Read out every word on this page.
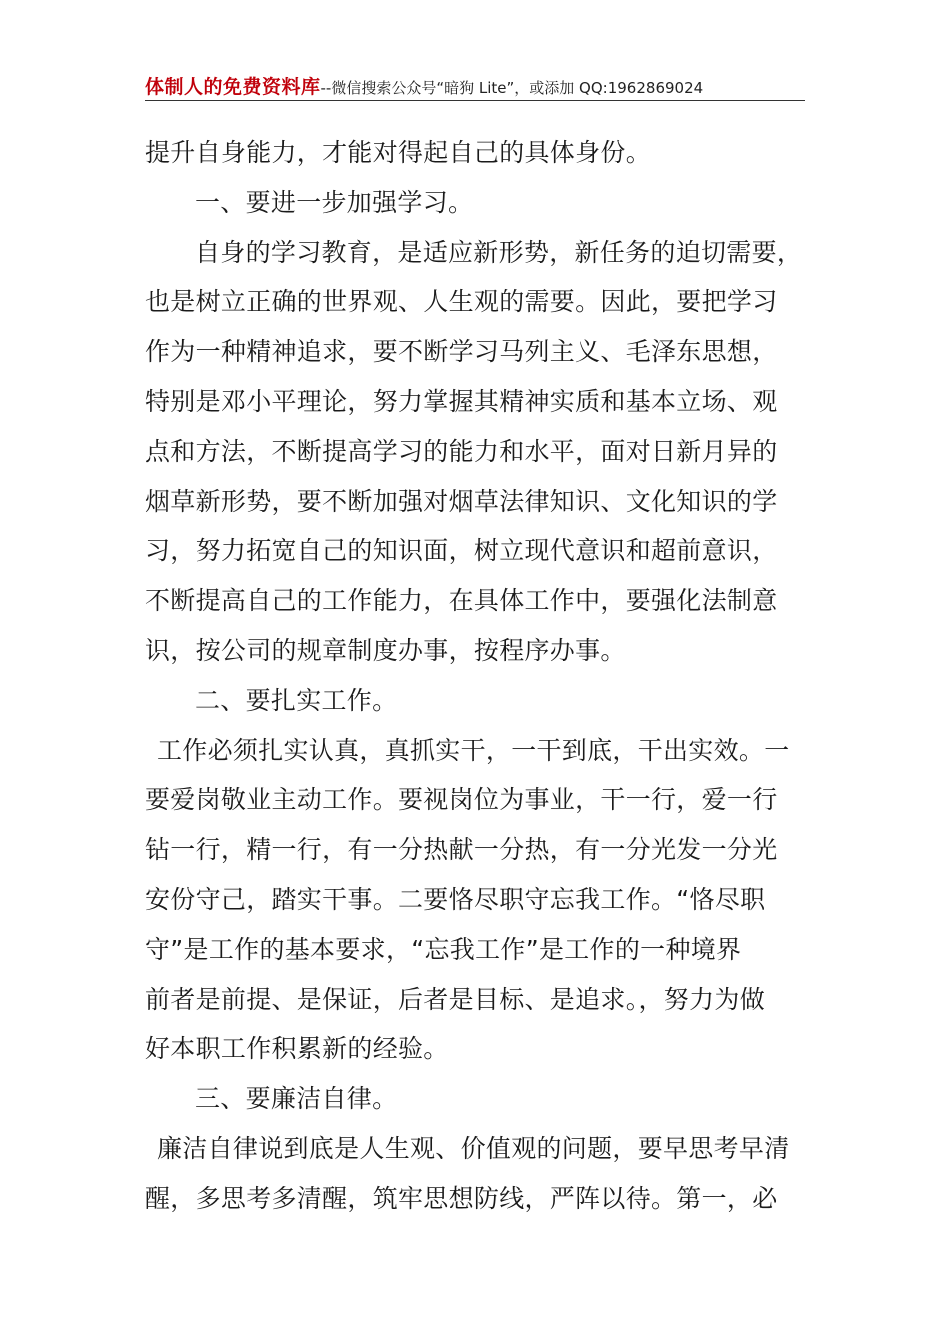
体制人的免费资料库--微信搜索公众号“暗狗 Lite”，或添加 QQ:1962869024
提升自身能力，才能对得起自己的具体身份。
一、要进一步加强学习。
自身的学习教育，是适应新形势，新任务的迫切需要，
也是树立正确的世界观、人生观的需要。因此，要把学习
作为一种精神追求，要不断学习马列主义、毛泽东思想，
特别是邓小平理论，努力掌握其精神实质和基本立场、观
点和方法，不断提高学习的能力和水平，面对日新月异的
烟草新形势，要不断加强对烟草法律知识、文化知识的学
习，努力拓宽自己的知识面，树立现代意识和超前意识，
不断提高自己的工作能力，在具体工作中，要强化法制意
识，按公司的规章制度办事，按程序办事。
二、要扎实工作。
工作必须扎实认真，真抓实干，一干到底，干出实效。一
要爱岗敬业主动工作。要视岗位为事业，干一行，爱一行
钻一行，精一行，有一分热献一分热，有一分光发一分光
安份守己，踏实干事。二要恪尽职守忘我工作。“恪尽职
守”是工作的基本要求，“忘我工作”是工作的一种境界
前者是前提、是保证，后者是目标、是追求。，努力为做
好本职工作积累新的经验。
三、要廉洁自律。
廉洁自律说到底是人生观、价值观的问题，要早思考早清
醒，多思考多清醒，筑牢思想防线，严阵以待。第一，必
